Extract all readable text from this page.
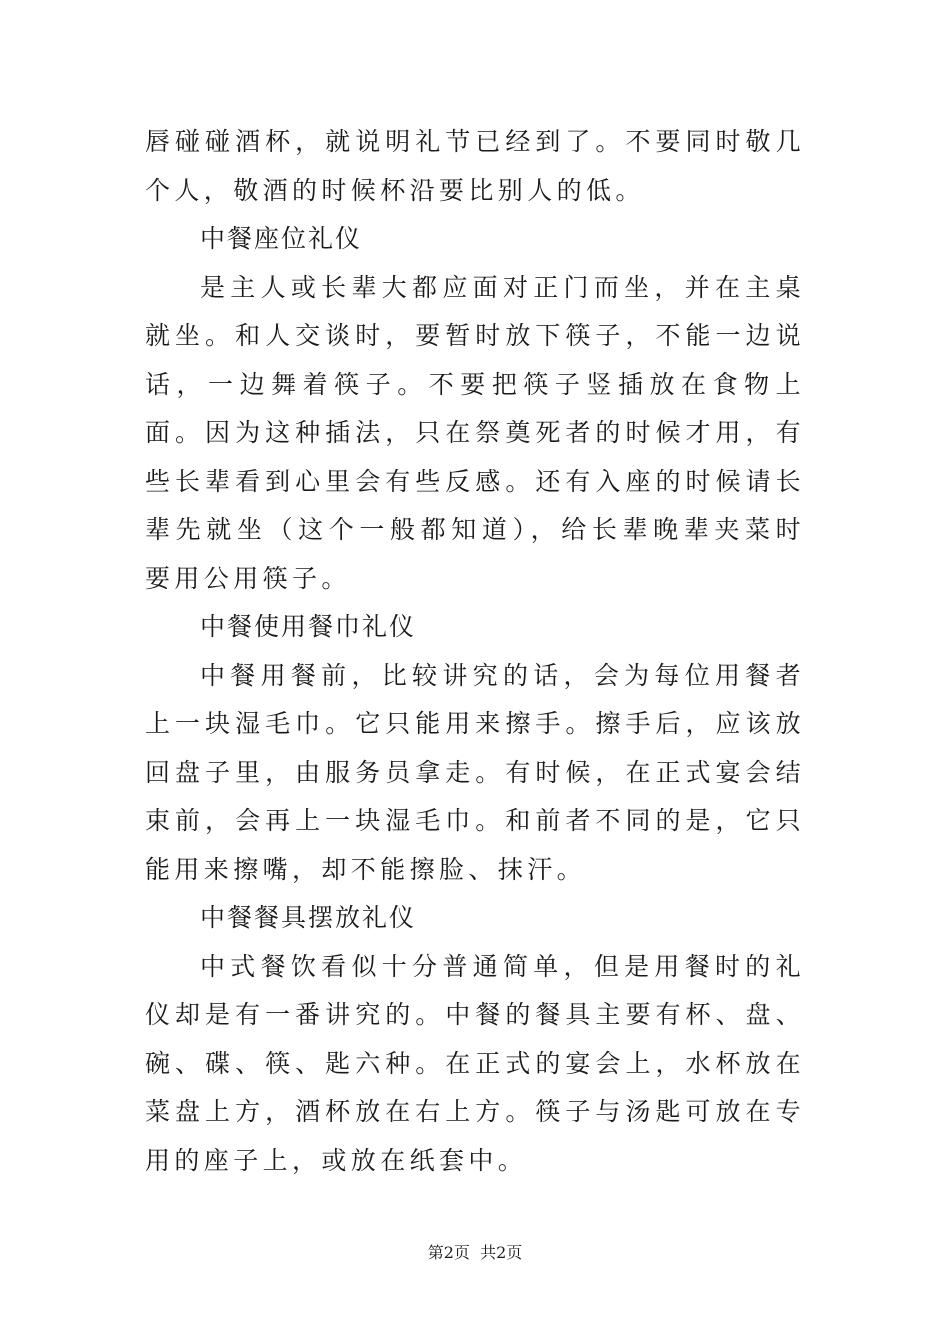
唇碰碰酒杯，就说明礼节已经到了。不要同时敬几个人，敬酒的时候杯沿要比别人的低。

中餐座位礼仪

是主人或长辈大都应面对正门而坐，并在主桌就坐。和人交谈时，要暂时放下筷子，不能一边说话，一边舞着筷子。不要把筷子竖插放在食物上面。因为这种插法，只在祭奠死者的时候才用，有些长辈看到心里会有些反感。还有入座的时候请长辈先就坐（这个一般都知道），给长辈晚辈夹菜时要用公用筷子。

中餐使用餐巾礼仪

中餐用餐前，比较讲究的话，会为每位用餐者上一块湿毛巾。它只能用来擦手。擦手后，应该放回盘子里，由服务员拿走。有时候，在正式宴会结束前，会再上一块湿毛巾。和前者不同的是，它只能用来擦嘴，却不能擦脸、抹汗。

中餐餐具摆放礼仪

中式餐饮看似十分普通简单，但是用餐时的礼仪却是有一番讲究的。中餐的餐具主要有杯、盘、碗、碟、筷、匙六种。在正式的宴会上，水杯放在菜盘上方，酒杯放在右上方。筷子与汤匙可放在专用的座子上，或放在纸套中。

第2页  共2页
